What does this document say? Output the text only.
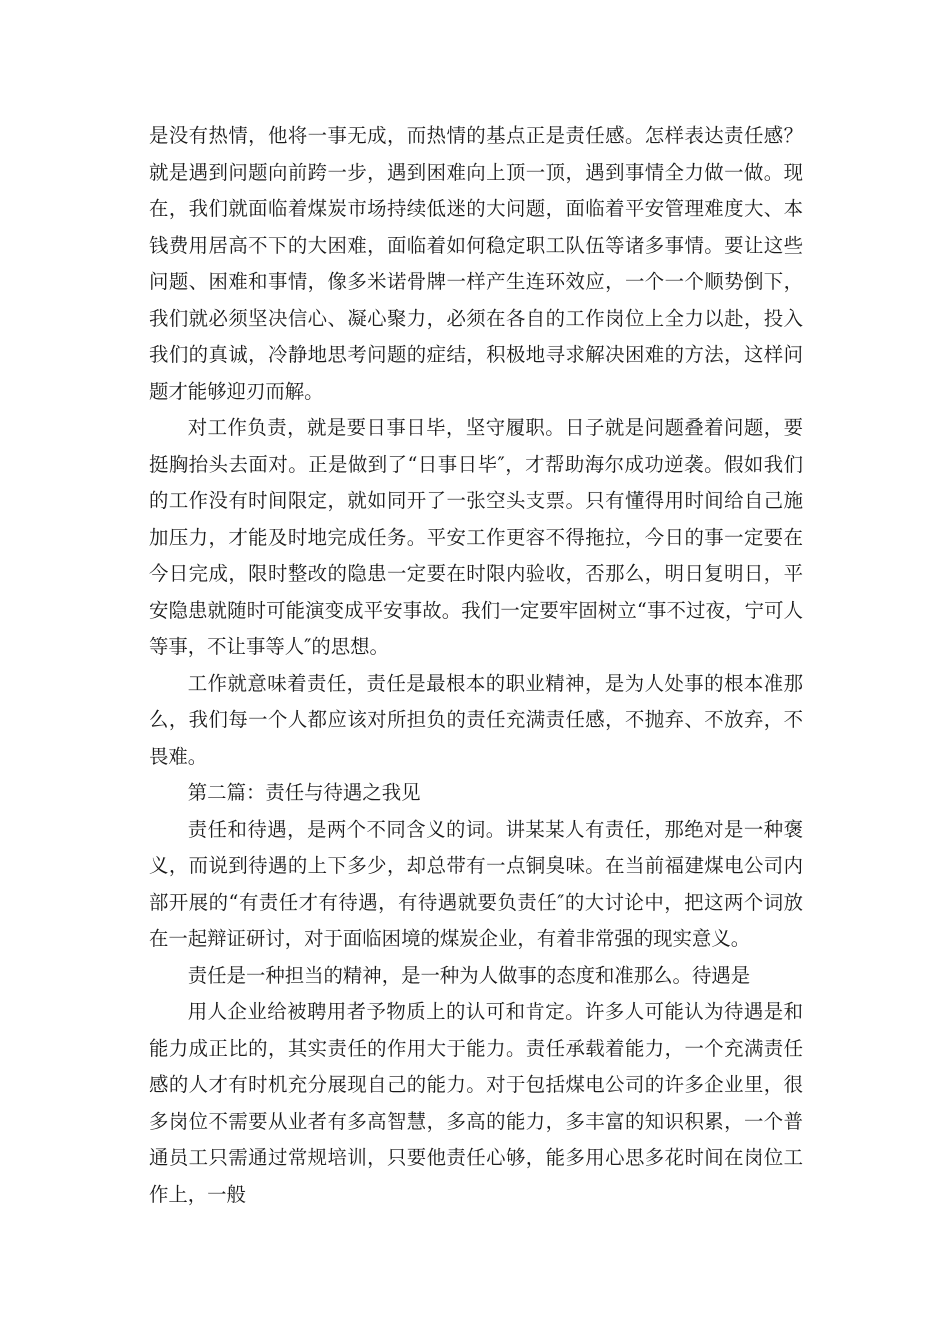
是没有热情，他将一事无成，而热情的基点正是责任感。怎样表达责任感？就是遇到问题向前跨一步，遇到困难向上顶一顶，遇到事情全力做一做。现在，我们就面临着煤炭市场持续低迷的大问题，面临着平安管理难度大、本钱费用居高不下的大困难，面临着如何稳定职工队伍等诸多事情。要让这些问题、困难和事情，像多米诺骨牌一样产生连环效应，一个一个顺势倒下，我们就必须坚决信心、凝心聚力，必须在各自的工作岗位上全力以赴，投入我们的真诚，冷静地思考问题的症结，积极地寻求解决困难的方法，这样问题才能够迎刃而解。

对工作负责，就是要日事日毕，坚守履职。日子就是问题叠着问题，要挺胸抬头去面对。正是做到了“日事日毕″，才帮助海尔成功逆袭。假如我们的工作没有时间限定，就如同开了一张空头支票。只有懂得用时间给自己施加压力，才能及时地完成任务。平安工作更容不得拖拉，今日的事一定要在今日完成，限时整改的隐患一定要在时限内验收，否那么，明日复明日，平安隐患就随时可能演变成平安事故。我们一定要牢固树立“事不过夜，宁可人等事，不让事等人″的思想。

工作就意味着责任，责任是最根本的职业精神，是为人处事的根本准那么，我们每一个人都应该对所担负的责任充满责任感，不抛弃、不放弃，不畏难。

第二篇：责任与待遇之我见

责任和待遇，是两个不同含义的词。讲某某人有责任，那绝对是一种褒义，而说到待遇的上下多少，却总带有一点铜臭味。在当前福建煤电公司内部开展的“有责任才有待遇，有待遇就要负责任″的大讨论中，把这两个词放在一起辩证研讨，对于面临困境的煤炭企业，有着非常强的现实意义。

责任是一种担当的精神，是一种为人做事的态度和准那么。待遇是

用人企业给被聘用者予物质上的认可和肯定。许多人可能认为待遇是和能力成正比的，其实责任的作用大于能力。责任承载着能力，一个充满责任感的人才有时机充分展现自己的能力。对于包括煤电公司的许多企业里，很多岗位不需要从业者有多高智慧，多高的能力，多丰富的知识积累，一个普通员工只需通过常规培训，只要他责任心够，能多用心思多花时间在岗位工作上，一般
